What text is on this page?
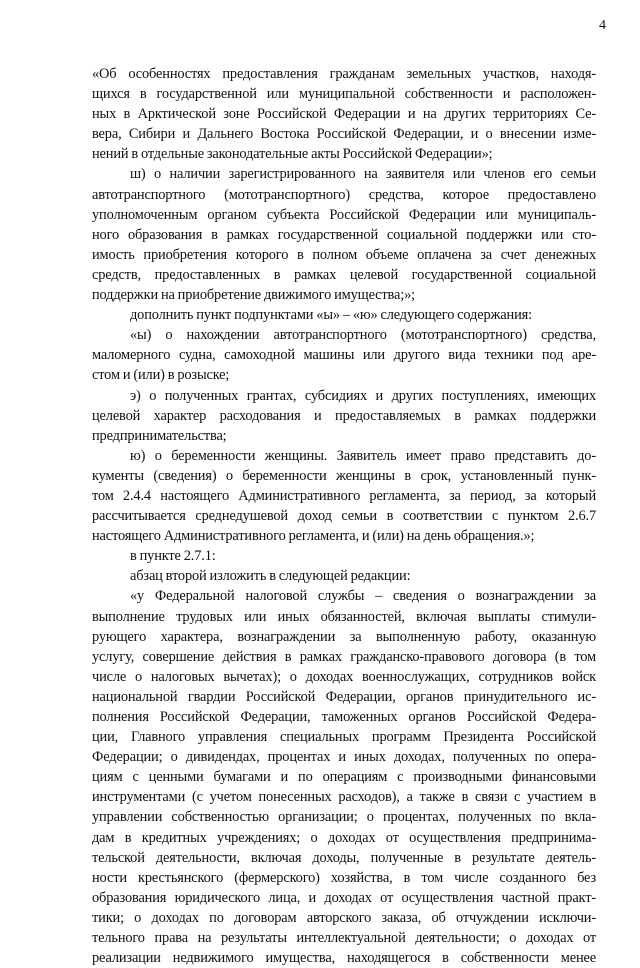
4
«Об особенностях предоставления гражданам земельных участков, находя-
щихся в государственной или муниципальной собственности и расположен-
ных в Арктической зоне Российской Федерации и на других территориях Се-
вера, Сибири и Дальнего Востока Российской Федерации, и о внесении изме-
нений в отдельные законодательные акты Российской Федерации»;
ш) о наличии зарегистрированного на заявителя или членов его семьи
автотранспортного (мототранспортного) средства, которое предоставлено
уполномоченным органом субъекта Российской Федерации или муниципаль-
ного образования в рамках государственной социальной поддержки или сто-
имость приобретения которого в полном объеме оплачена за счет денежных
средств, предоставленных в рамках целевой государственной социальной
поддержки на приобретение движимого имущества;»;
дополнить пункт подпунктами «ы» – «ю» следующего содержания:
«ы) о нахождении автотранспортного (мототранспортного) средства,
маломерного судна, самоходной машины или другого вида техники под аре-
стом и (или) в розыске;
э) о полученных грантах, субсидиях и других поступлениях, имеющих
целевой характер расходования и предоставляемых в рамках поддержки
предпринимательства;
ю) о беременности женщины. Заявитель имеет право представить до-
кументы (сведения) о беременности женщины в срок, установленный пунк-
том 2.4.4 настоящего Административного регламента, за период, за который
рассчитывается среднедушевой доход семьи в соответствии с пунктом 2.6.7
настоящего Административного регламента, и (или) на день обращения.»;
в пункте 2.7.1:
абзац второй изложить в следующей редакции:
«у Федеральной налоговой службы – сведения о вознаграждении за
выполнение трудовых или иных обязанностей, включая выплаты стимули-
рующего характера, вознаграждении за выполненную работу, оказанную
услугу, совершение действия в рамках гражданско-правового договора (в том
числе о налоговых вычетах); о доходах военнослужащих, сотрудников войск
национальной гвардии Российской Федерации, органов принудительного ис-
полнения Российской Федерации, таможенных органов Российской Федера-
ции, Главного управления специальных программ Президента Российской
Федерации; о дивидендах, процентах и иных доходах, полученных по опера-
циям с ценными бумагами и по операциям с производными финансовыми
инструментами (с учетом понесенных расходов), а также в связи с участием в
управлении собственностью организации; о процентах, полученных по вкла-
дам в кредитных учреждениях; о доходах от осуществления предпринима-
тельской деятельности, включая доходы, полученные в результате деятель-
ности крестьянского (фермерского) хозяйства, в том числе созданного без
образования юридического лица, и доходах от осуществления частной практ-
тики; о доходах по договорам авторского заказа, об отчуждении исключи-
тельного права на результаты интеллектуальной деятельности; о доходах от
реализации недвижимого имущества, находящегося в собственности менее
